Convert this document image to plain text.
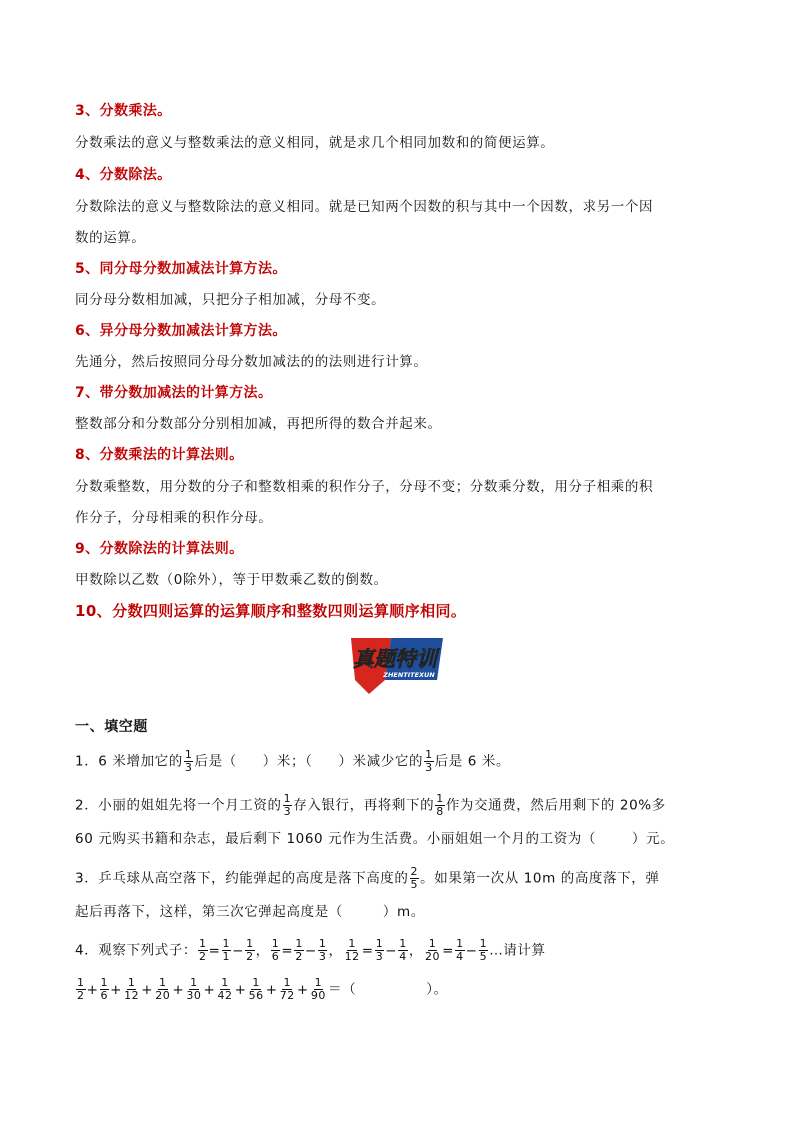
3、分数乘法。
分数乘法的意义与整数乘法的意义相同，就是求几个相同加数和的简便运算。
4、分数除法。
分数除法的意义与整数除法的意义相同。就是已知两个因数的积与其中一个因数，求另一个因
数的运算。
5、同分母分数加减法计算方法。
同分母分数相加减，只把分子相加减，分母不变。
6、异分母分数加减法计算方法。
先通分，然后按照同分母分数加减法的的法则进行计算。
7、带分数加减法的计算方法。
整数部分和分数部分分别相加减，再把所得的数合并起来。
8、分数乘法的计算法则。
分数乘整数，用分数的分子和整数相乘的积作分子，分母不变；分数乘分数，用分子相乘的积
作分子，分母相乘的积作分母。
9、分数除法的计算法则。
甲数除以乙数（0除外），等于甲数乘乙数的倒数。
10、分数四则运算的运算顺序和整数四则运算顺序相同。
真题特训
ZHENTITEXUN
一、填空题
1．6 米增加它的 $\frac{1}{3}$ 后是（ ）米；（ ）米减少它的 $\frac{1}{3}$ 后是 6 米。
2．小丽的姐姐先将一个月工资的 $\frac{1}{3}$ 存入银行，再将剩下的 $\frac{1}{8}$ 作为交通费，然后用剩下的 20%多
60 元购买书籍和杂志，最后剩下 1060 元作为生活费。小丽姐姐一个月的工资为（	）元。
3．乒乓球从高空落下，约能弹起的高度是落下高度的 $\frac{2}{5}$ 。如果第一次从 10m 的高度落下，弹
起后再落下，这样，第三次它弹起高度是（	）m。
4．观察下列式子： $\frac{1}{2} = \frac{1}{1} - \frac{1}{2}$ ， $\frac{1}{6} = \frac{1}{2} - \frac{1}{3}$ ， $\frac{1}{12} = \frac{1}{3} - \frac{1}{4}$ ， $\frac{1}{20} = \frac{1}{4} - \frac{1}{5}$ …请计算
$\frac{1}{2} + \frac{1}{6} + \frac{1}{12} + \frac{1}{20} + \frac{1}{30} + \frac{1}{42} + \frac{1}{56} + \frac{1}{72} + \frac{1}{90}$ ＝（	）。
